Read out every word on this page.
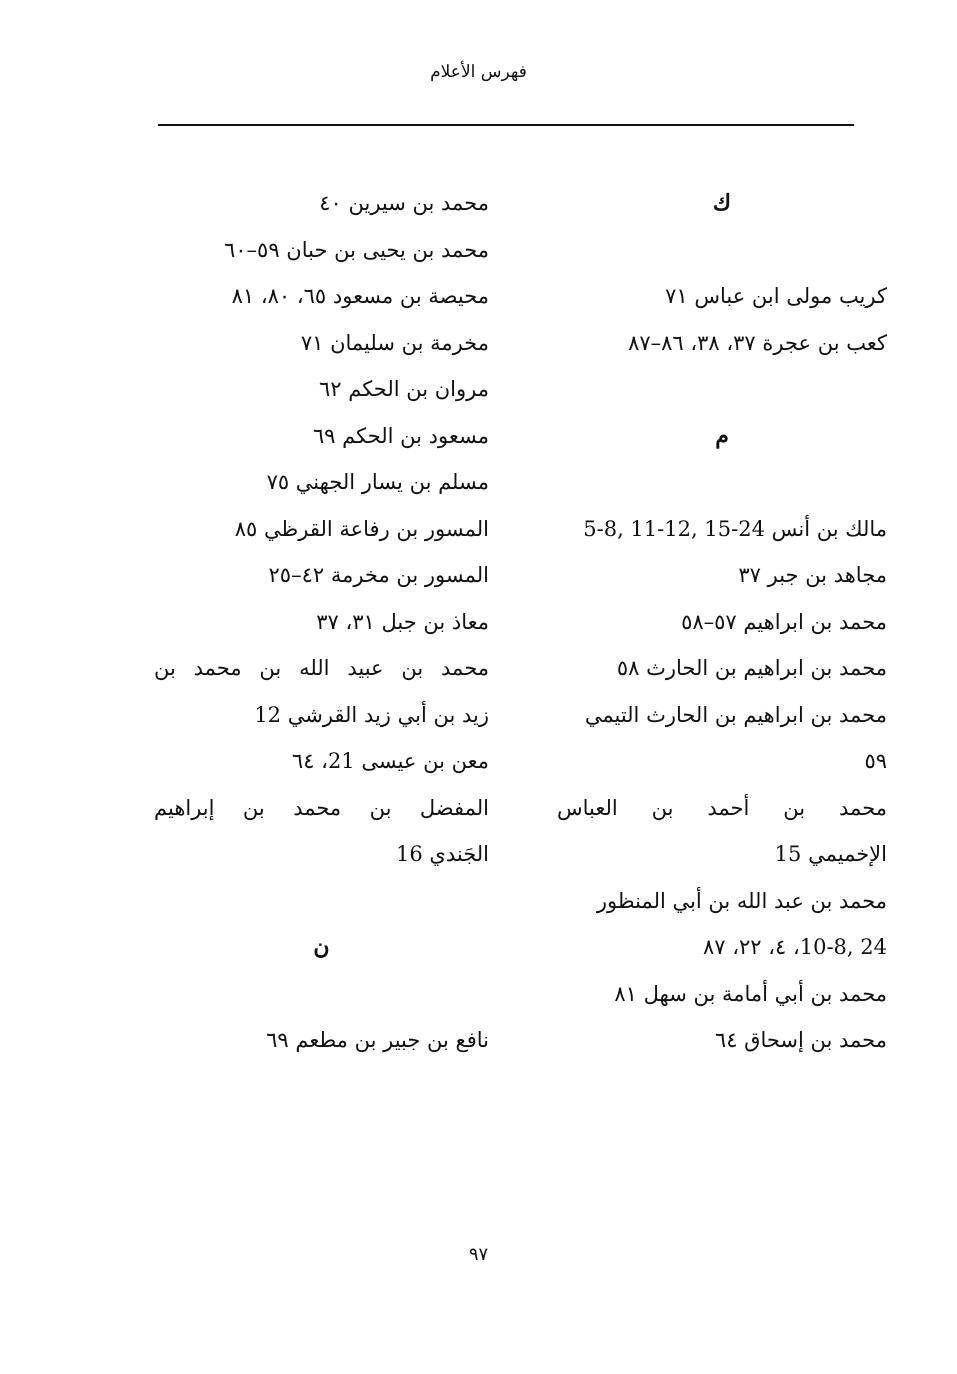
فهرس الأعلام
ك
كريب مولى ابن عباس ٧١
كعب بن عجرة ٣٧، ٣٨، ٨٦–٨٧
م
مالك بن أنس 24-15 ,12-11 ,8-5
مجاهد بن جبر ٣٧
محمد بن ابراهيم ٥٧–٥٨
محمد بن ابراهيم بن الحارث ٥٨
محمد بن ابراهيم بن الحارث التيمي
٥٩
محمد بن أحمد بن العباس
الإخميمي 15
محمد بن عبد الله بن أبي المنظور
24 ,10-8، ٤، ٢٢، ٨٧
محمد بن أبي أمامة بن سهل ٨١
محمد بن إسحاق ٦٤
محمد بن سيرين ٤٠
محمد بن يحيى بن حبان ٥٩–٦٠
محيصة بن مسعود ٦٥، ٨٠، ٨١
مخرمة بن سليمان ٧١
مروان بن الحكم ٦٢
مسعود بن الحكم ٦٩
مسلم بن يسار الجهني ٧٥
المسور بن رفاعة القرظي ٨٥
المسور بن مخرمة ٤٢–٢٥
معاذ بن جبل ٣١، ٣٧
محمد بن عبيد الله بن محمد بن
زيد بن أبي زيد القرشي 12
معن بن عيسى 21، ٦٤
المفضل بن محمد بن إبراهيم
الجَندي 16
ن
نافع بن جبير بن مطعم ٦٩
٩٧
